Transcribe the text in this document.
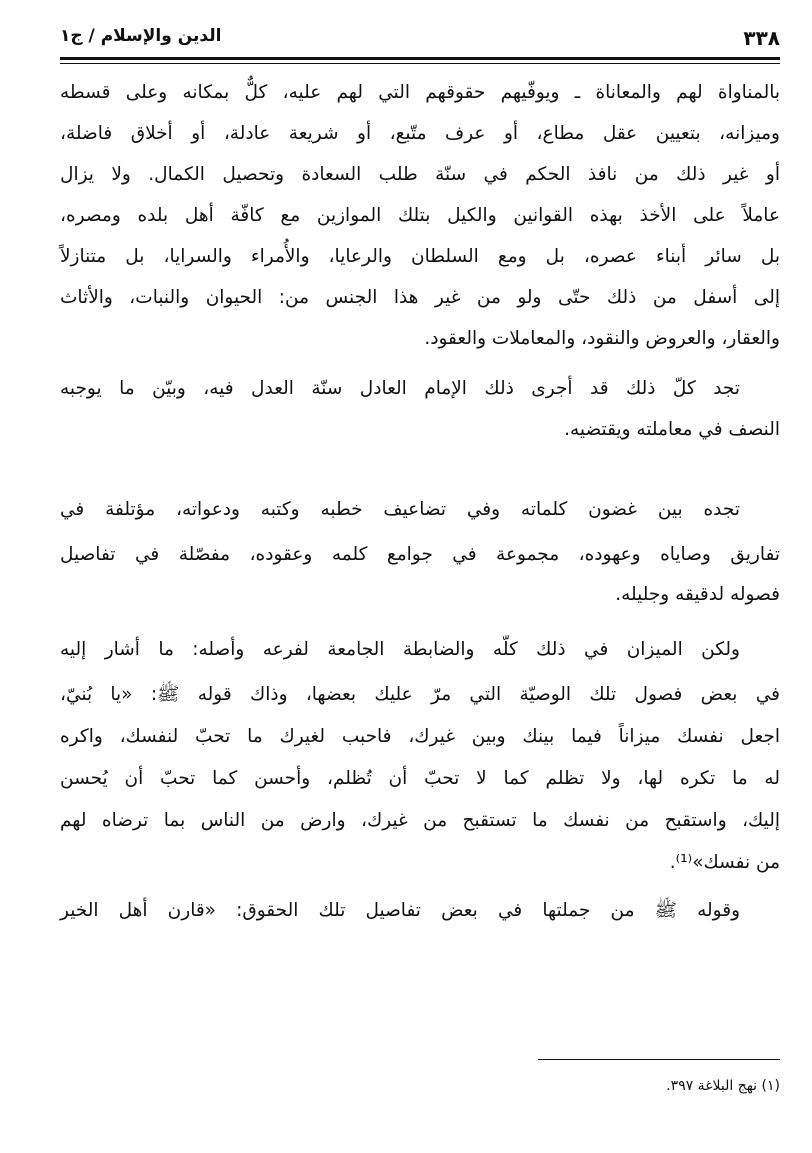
٣٣٨
الدين والإسلام / ج١
بالمناواة لهم والمعاناة ـ ويوفّيهم حقوقهم التي لهم عليه، كلٌّ بمكانه وعلى قسطه
وميزانه، بتعيين عقل مطاع، أو عرف متّبع، أو شريعة عادلة، أو أخلاق فاضلة،
أو غير ذلك من نافذ الحكم في سنّة طلب السعادة وتحصيل الكمال. ولا يزال
عاملاً على الأخذ بهذه القوانين والكيل بتلك الموازين مع كافّة أهل بلده ومصره،
بل سائر أبناء عصره، بل ومع السلطان والرعايا، والأُمراء والسرايا، بل متنازلاً
إلى أسفل من ذلك حتّى ولو من غير هذا الجنس من: الحيوان والنبات، والأثاث
والعقار، والعروض والنقود، والمعاملات والعقود.
تجد كلّ ذلك قد أجرى ذلك الإمام العادل سنّة العدل فيه، وبيّن ما يوجبه
النصف في معاملته ويقتضيه.
تجده بين غضون كلماته وفي تضاعيف خطبه وكتبه ودعواته، مؤتلفة في
تفاريق وصاياه وعهوده، مجموعة في جوامع كلمه وعقوده، مفصّلة في تفاصيل
فصوله لدقيقه وجليله.
ولكن الميزان في ذلك كلّه والضابطة الجامعة لفرعه وأصله: ما أشار إليه
في بعض فصول تلك الوصيّة التي مرّ عليك بعضها، وذاك قوله ﷺ: «يا بُنيّ،
اجعل نفسك ميزاناً فيما بينك وبين غيرك، فاحبب لغيرك ما تحبّ لنفسك، واكره
له ما تكره لها، ولا تظلم كما لا تحبّ أن تُظلم، وأحسن كما تحبّ أن يُحسن
إليك، واستقبح من نفسك ما تستقبح من غيرك، وارض من الناس بما ترضاه لهم
من نفسك»⁽¹⁾.
وقوله ﷺ من جملتها في بعض تفاصيل تلك الحقوق: «قارن أهل الخير
(١) نهج البلاغة ٣٩٧.
